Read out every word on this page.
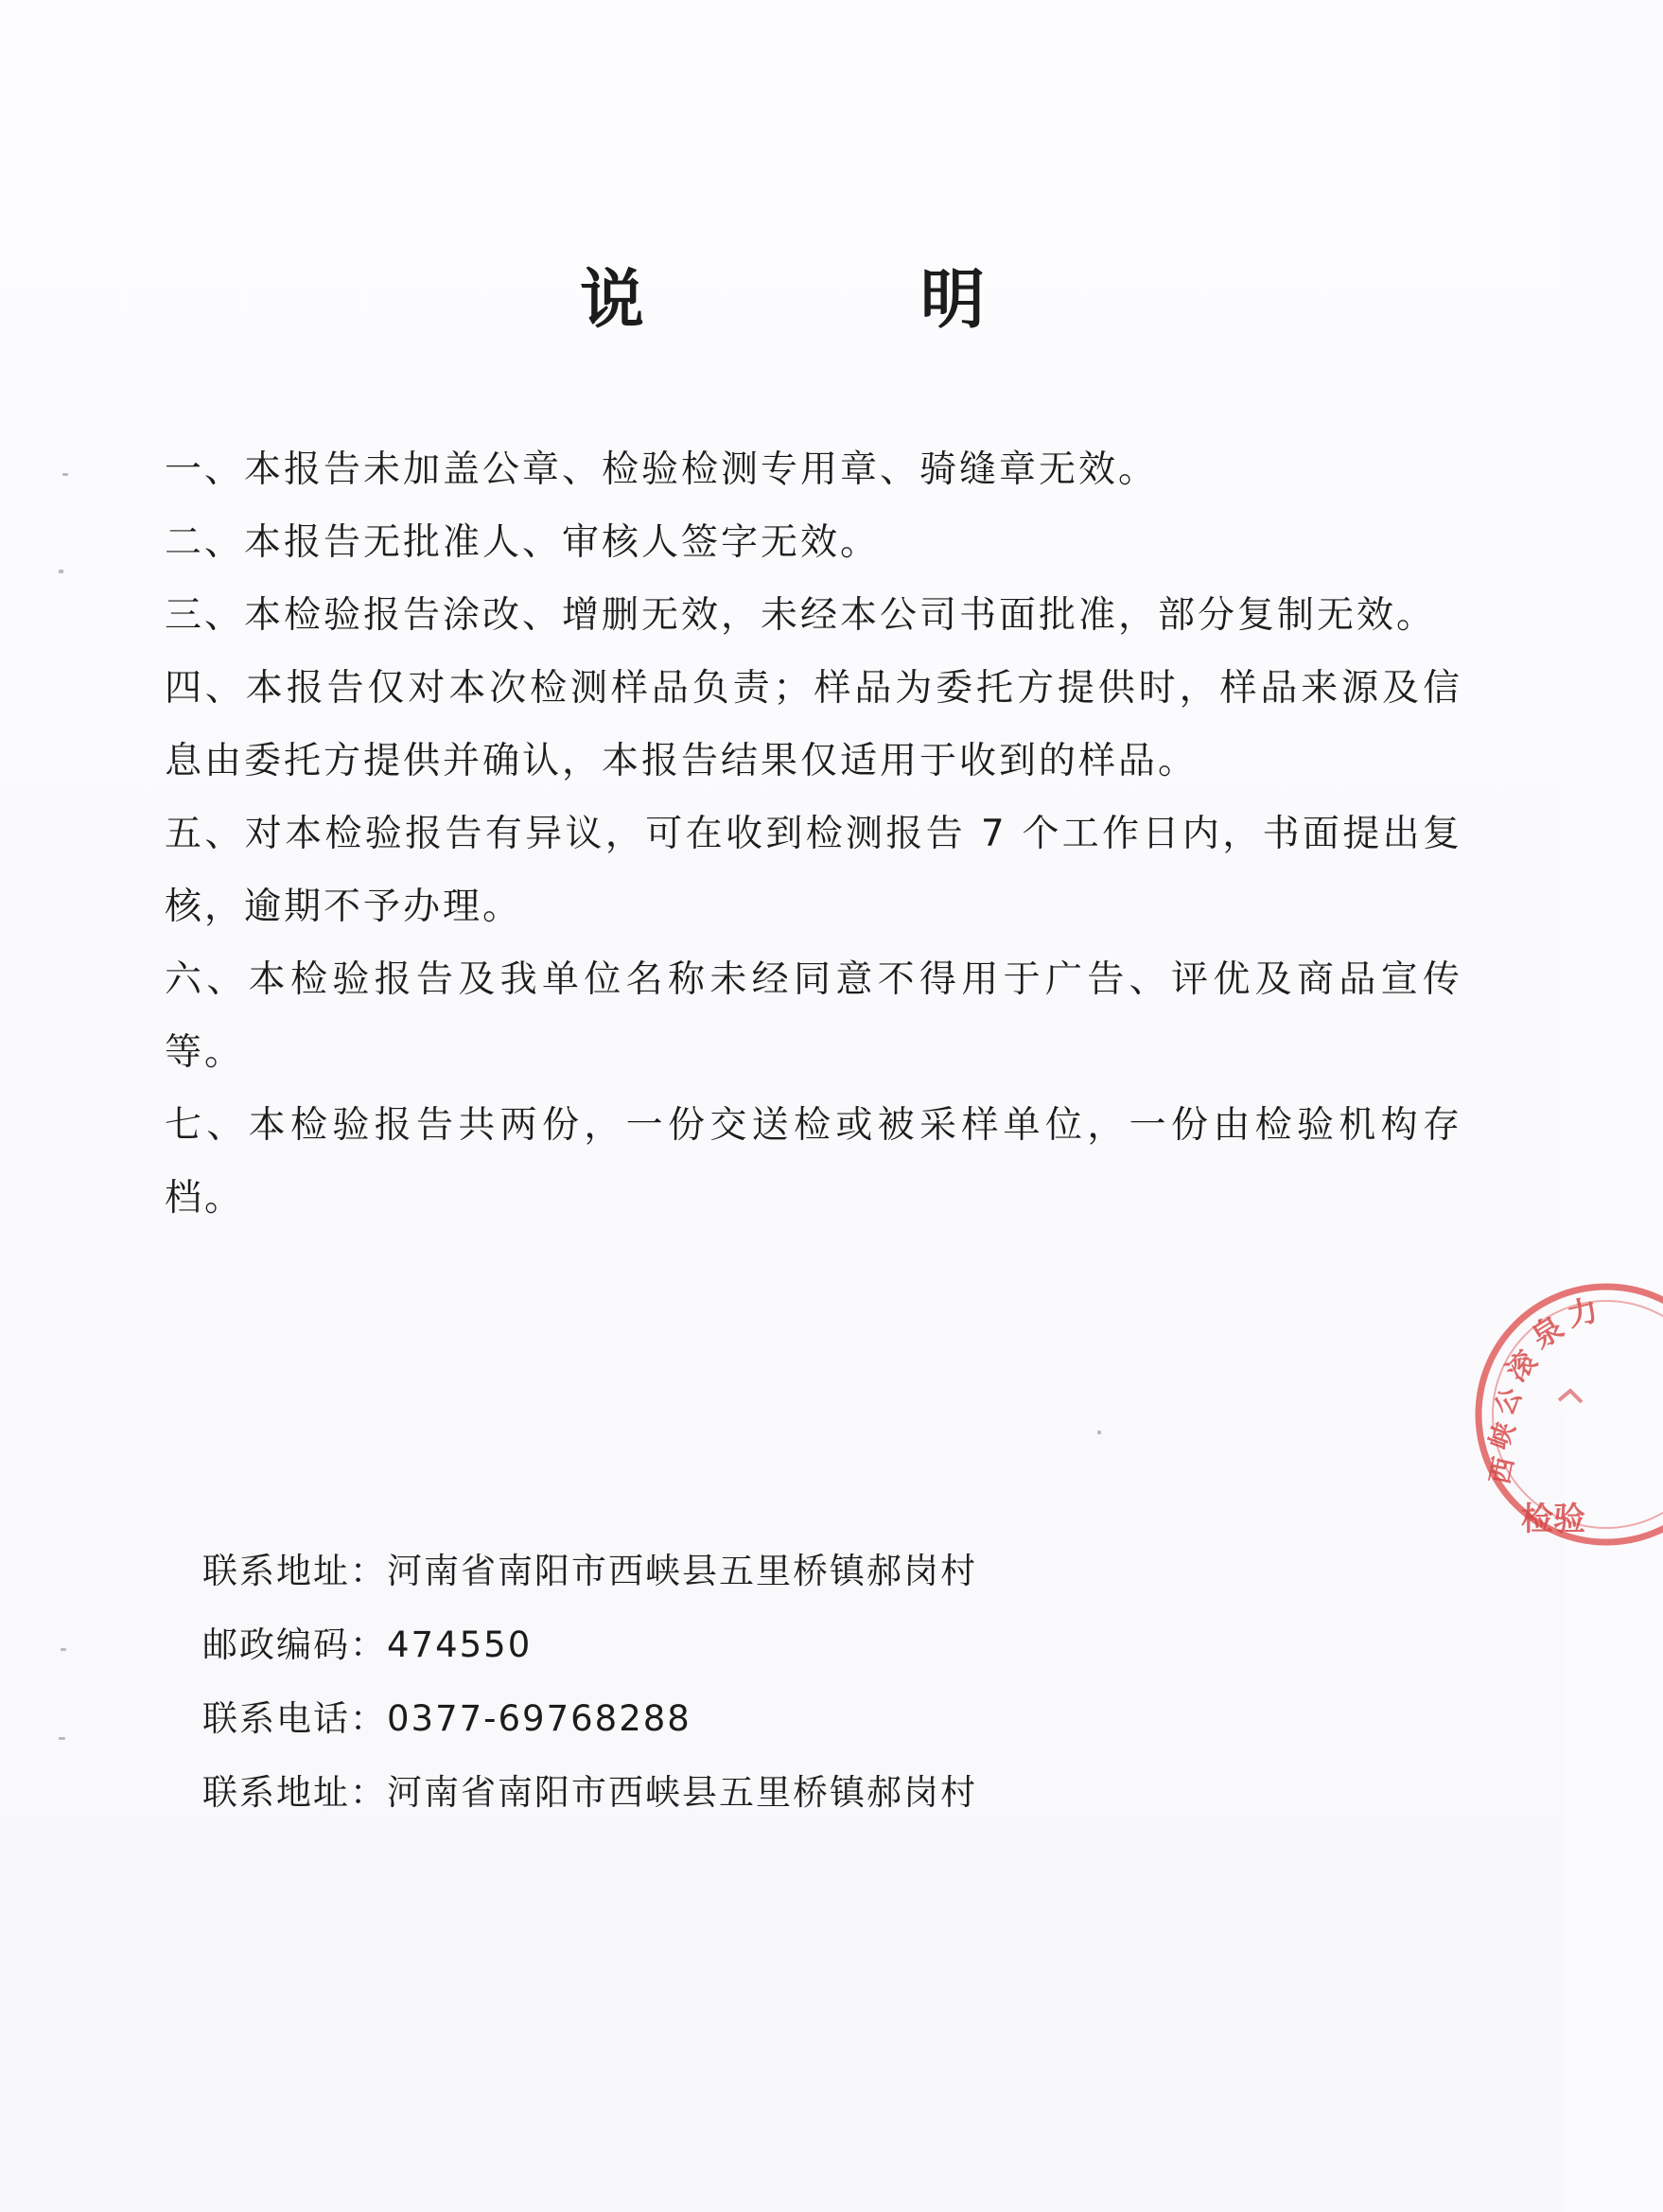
说　明
一、本报告未加盖公章、检验检测专用章、骑缝章无效。
二、本报告无批准人、审核人签字无效。
三、本检验报告涂改、增删无效，未经本公司书面批准，部分复制无效。
四、本报告仅对本次检测样品负责；样品为委托方提供时，样品来源及信息由委托方提供并确认，本报告结果仅适用于收到的样品。
五、对本检验报告有异议，可在收到检测报告 7 个工作日内，书面提出复核，逾期不予办理。
六、本检验报告及我单位名称未经同意不得用于广告、评优及商品宣传等。
七、本检验报告共两份，一份交送检或被采样单位，一份由检验机构存档。
联系地址：河南省南阳市西峡县五里桥镇郝岗村
邮政编码：474550
联系电话：0377-69768288
联系地址：河南省南阳市西峡县五里桥镇郝岗村
西
峡
公
滚
泉
力
检验
